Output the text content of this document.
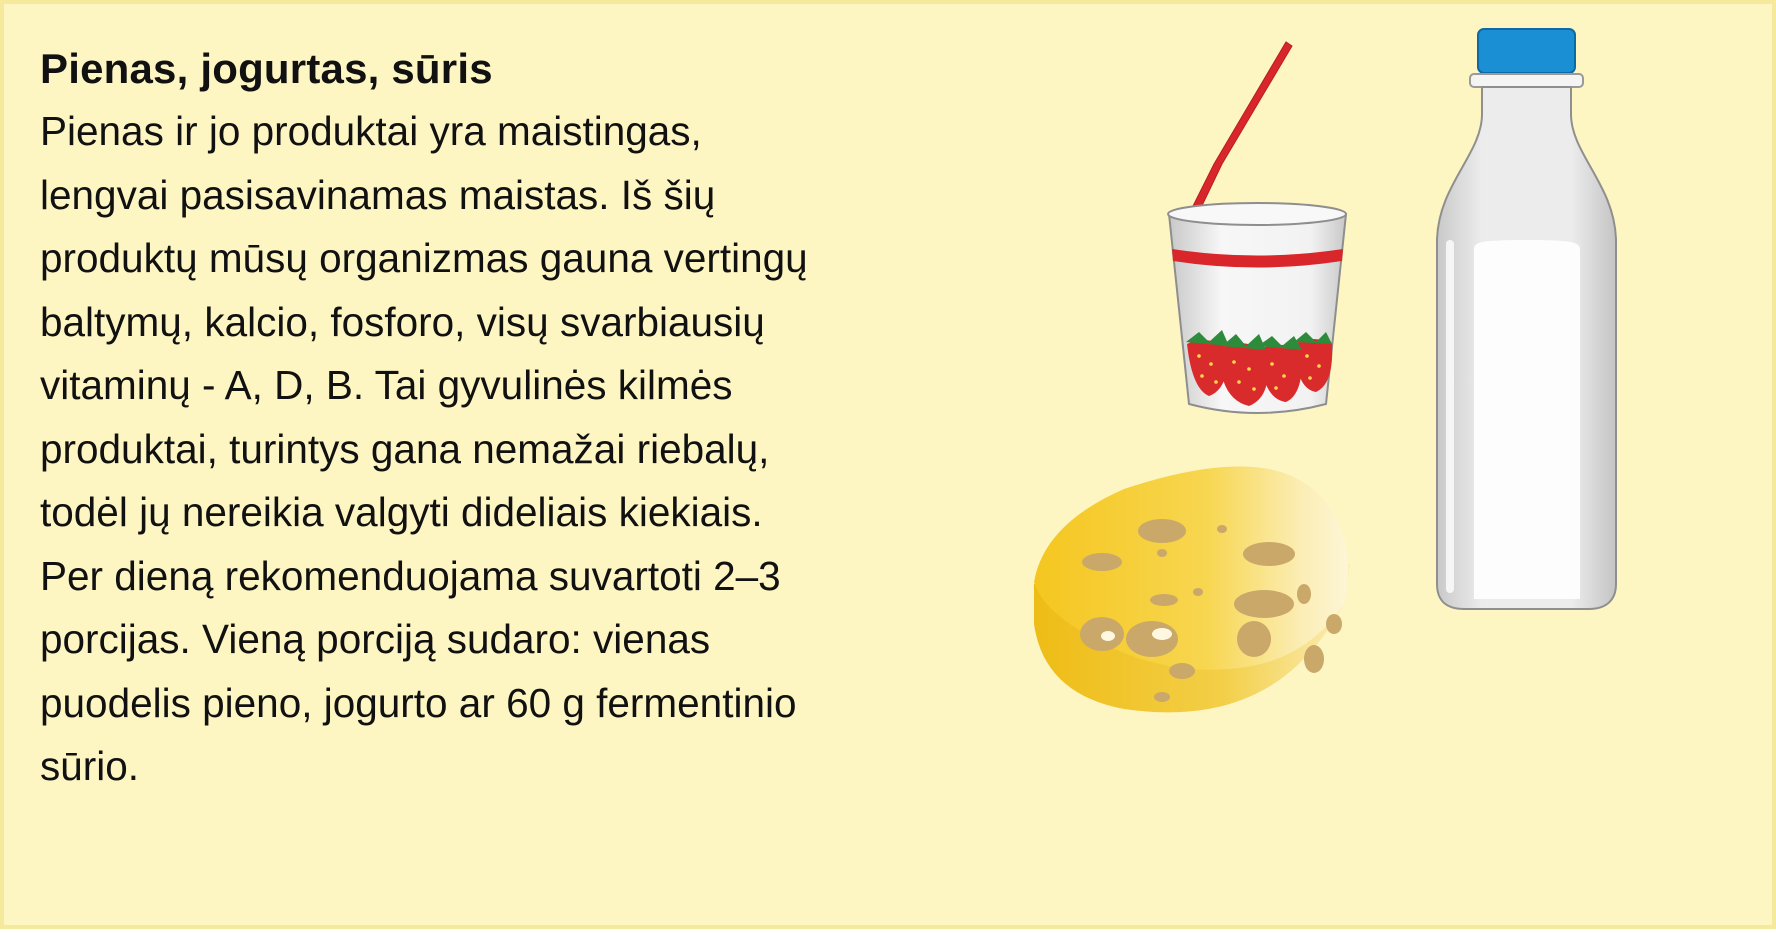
Pienas, jogurtas, sūris

Pienas ir jo produktai yra maistingas,
lengvai pasisavinamas maistas. Iš šių
produktų mūsų organizmas gauna vertingų
baltymų, kalcio, fosforo, visų svarbiausių
vitaminų - A, D, B. Tai gyvulinės kilmės
produktai, turintys gana nemažai riebalų,
todėl jų nereikia valgyti dideliais kiekiais.
Per dieną rekomenduojama suvartoti 2–3
porcijas. Vieną porciją sudaro: vienas
puodelis pieno, jogurto ar 60 g fermentinio
sūrio.
